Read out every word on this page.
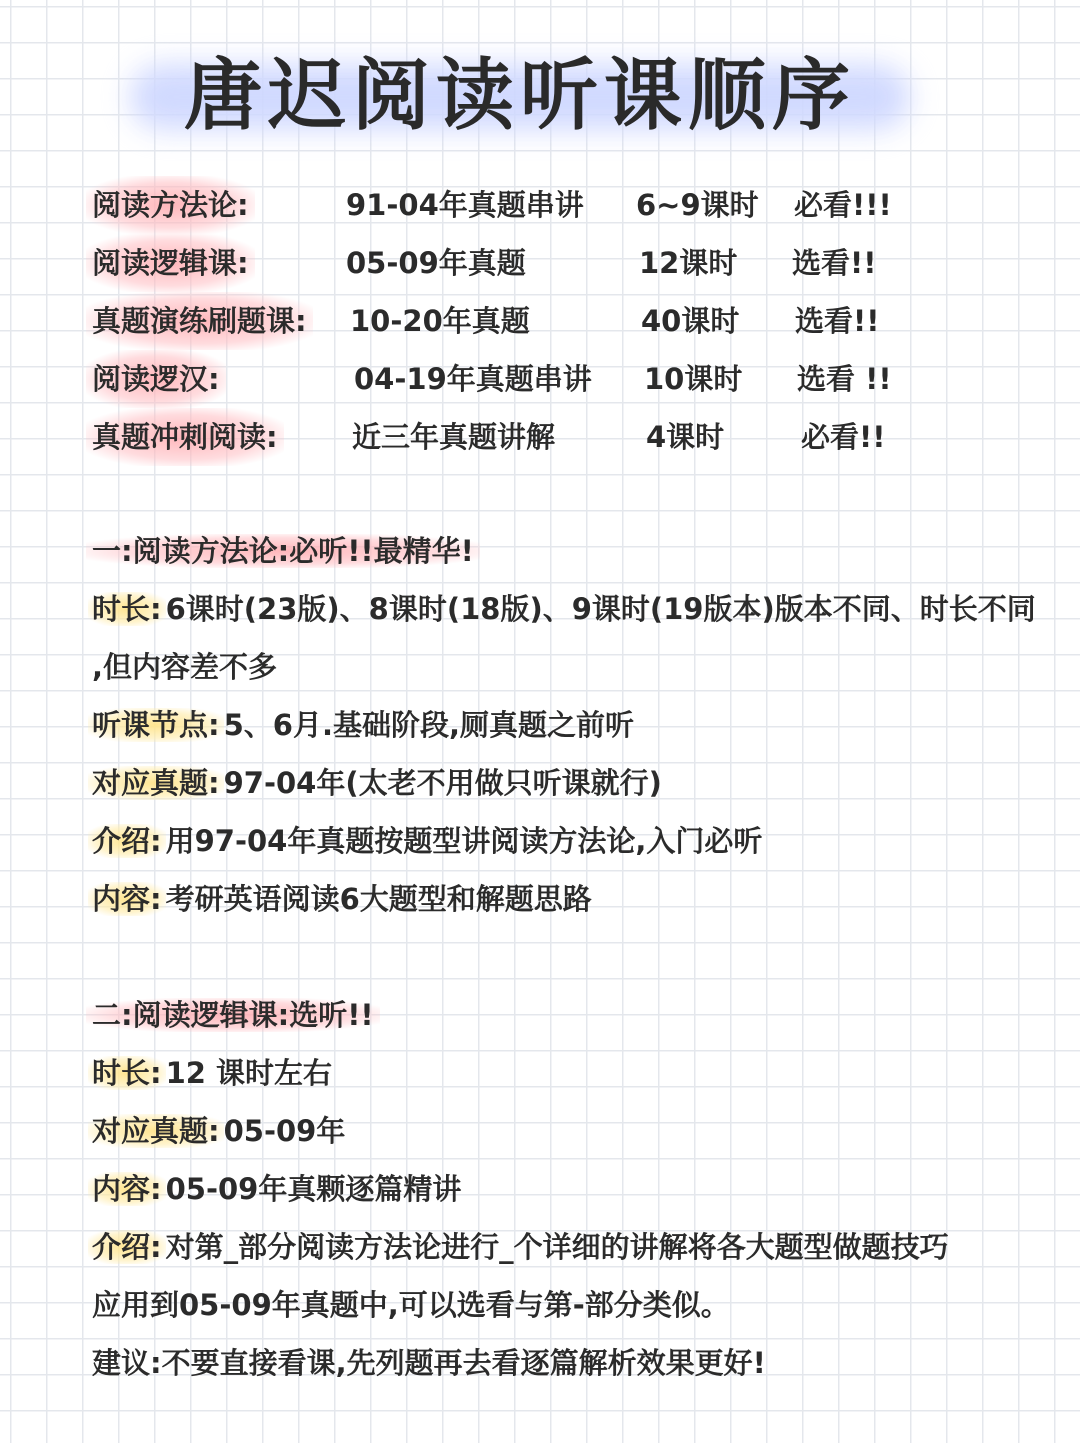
唐迟阅读听课顺序
阅读方法论:	91-04年真题串讲 6~9课时 必看!!!
阅读逻辑课:	05-09年真题	12课时 选看!!
真题演练刷题课: 10-20年真题	40课时 选看!!
阅读逻汉:	04-19年真题串讲 10课时 选看 !!
真题冲刺阅读:	近三年真题讲解	4课时	必看!!
一:阅读方法论:必听!!最精华!
时长: 6课时(23版)、8课时(18版)、9课时(19版本)版本不同、时长不同
,但内容差不多
听课节点: 5、6月.基础阶段,厕真题之前听
对应真题: 97-04年(太老不用做只听课就行)
介绍: 用97-04年真题按题型讲阅读方法论,入门必听
内容: 考研英语阅读6大题型和解题思路
二:阅读逻辑课:选听!!
时长: 12 课时左右
对应真题: 05-09年
内容: 05-09年真颗逐篇精讲
介绍: 对第_部分阅读方法论进行_个详细的讲解将各大题型做题技巧
应用到05-09年真题中,可以选看与第-部分类似。
建议:不要直接看课,先列题再去看逐篇解析效果更好!
